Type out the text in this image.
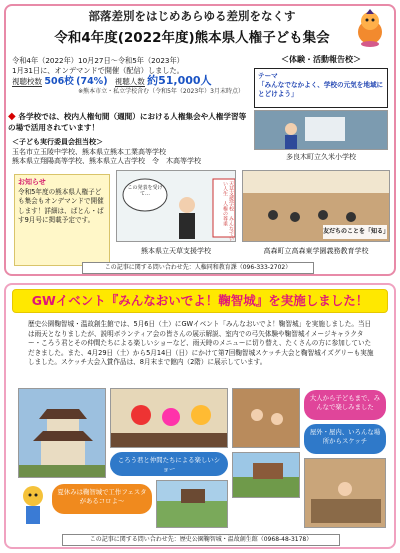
部落差別をはじめあらゆる差別をなくす
令和4年度(2022年度)熊本県人権子ども集会
令和4年（2022年）10月27日～令和5年（2023年）
1月31日に、オンデマンドで開催（配信）しました。
視聴校数 506校 (74%) 視聴人数 約51,000人
※熊本市立・私立学校含む（令和5年（2023年）3月末時点）
◆ 各学校では、校内人権旬間（週間）における人権集会や人権学習等の場で活用されています！
＜子ども実行委員会担当校＞
玉名市立玉陵中学校、熊本県立熊本工業高等学校
熊本県立翔陽高等学校、熊本県立人吉学校　令　木高等学校
＜体験・活動報告校＞
テーマ
「みんなでなかよく、学校の元気を地域にとどけよう」
多良木町立久米小学校
お知らせ
令和5年度の熊本県人権子ども集会もオンデマンドで開催します！詳細は、ぱとん・ぱす9月号に掲載予定です。
この発表を受けて…	天草支援学校　みんなでいい人生　人権の尊重
熊本県立天草支援学校
友だちのことを「知る」
高森町立高森東学園義務教育学校
この記事に関する問い合わせ先：人権同和教育課（096-333-2702）
GWイベント『みんなおいでよ！鞠智城』を実施しました！
歴史公園鞠智城・温故創生館では、5月6日（土）にGWイベント「みんなおいでよ！鞠智城」を実施しました。当日は雨天となりましたが、説明ボランティア会の皆さんの展示解説、室内での弓矢体験や鞠智城イメージキャラクター・ころう君とその仲間たちによる楽しいショーなど、雨天時のメニューに切り替え、たくさんの方に参加していただきました。また、4月29日（土）から5月14日（日）にかけて第7回鞠智城スケッチ大会と鞠智城イズグリーも実施しました。スケッチ大会入賞作品は、8月末まで館内（2階）に展示しています。
大人から子どもまで、みんなで楽しみました
屋外・屋内、いろんな場所からスケッチ
ころう君と仲間たちによる楽しいショー
夏休みは鞠智城で工作フェスタがあるコロよ～
この記事に関する問い合わせ先：歴史公園鞠智城・温故創生館（0968-48-3178）
